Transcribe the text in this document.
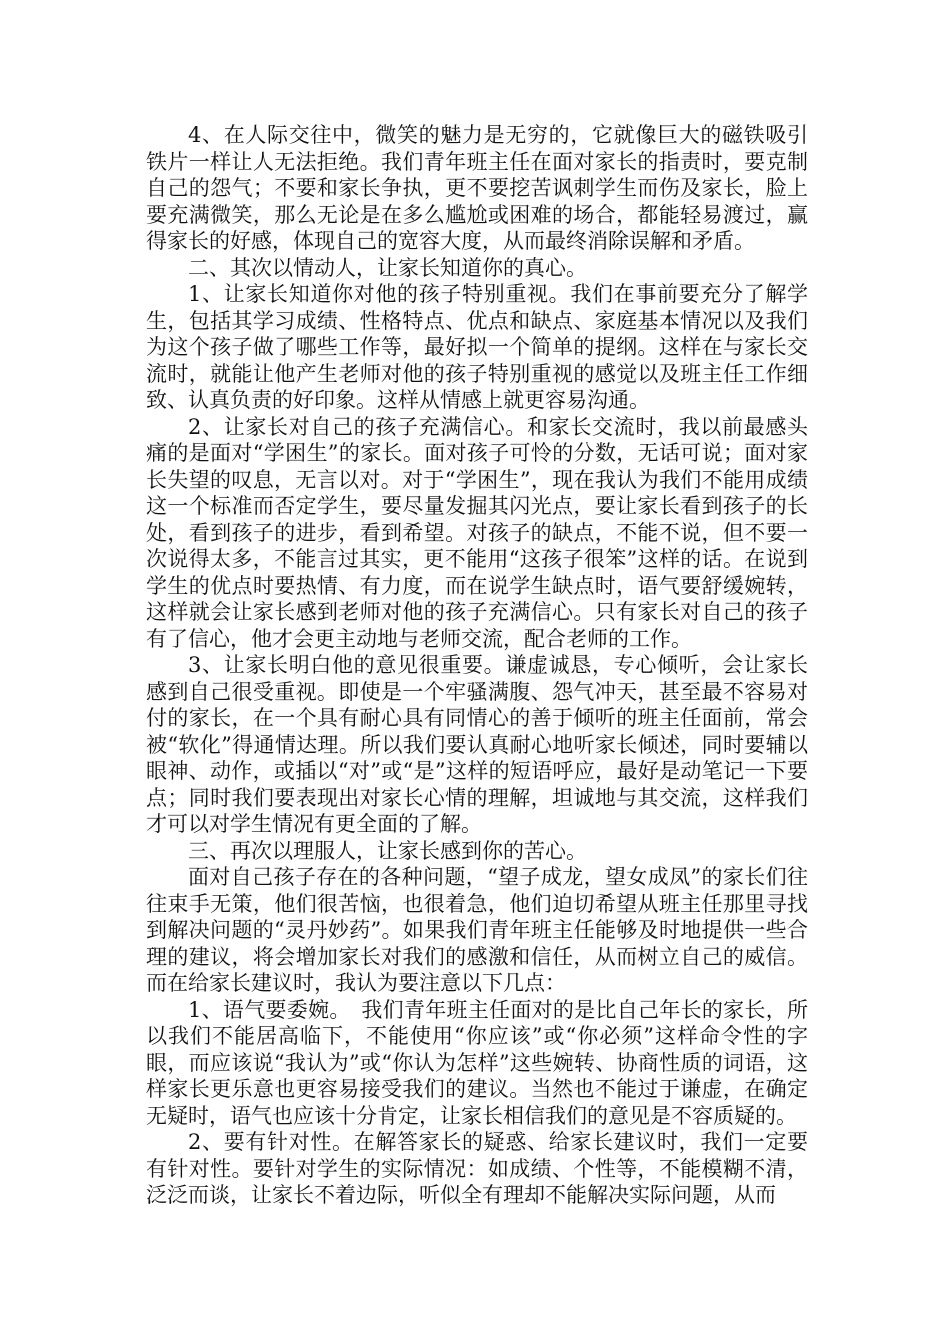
4、在人际交往中，微笑的魅力是无穷的，它就像巨大的磁铁吸引铁片一样让人无法拒绝。我们青年班主任在面对家长的指责时，要克制自己的怨气；不要和家长争执，更不要挖苦讽刺学生而伤及家长，脸上要充满微笑，那么无论是在多么尴尬或困难的场合，都能轻易渡过，赢得家长的好感，体现自己的宽容大度，从而最终消除误解和矛盾。

二、其次以情动人，让家长知道你的真心。

1、让家长知道你对他的孩子特别重视。我们在事前要充分了解学生，包括其学习成绩、性格特点、优点和缺点、家庭基本情况以及我们为这个孩子做了哪些工作等，最好拟一个简单的提纲。这样在与家长交流时，就能让他产生老师对他的孩子特别重视的感觉以及班主任工作细致、认真负责的好印象。这样从情感上就更容易沟通。

2、让家长对自己的孩子充满信心。和家长交流时，我以前最感头痛的是面对“学困生”的家长。面对孩子可怜的分数，无话可说；面对家长失望的叹息，无言以对。对于“学困生”，现在我认为我们不能用成绩这一个标准而否定学生，要尽量发掘其闪光点，要让家长看到孩子的长处，看到孩子的进步，看到希望。对孩子的缺点，不能不说，但不要一次说得太多，不能言过其实，更不能用“这孩子很笨”这样的话。在说到学生的优点时要热情、有力度，而在说学生缺点时，语气要舒缓婉转，这样就会让家长感到老师对他的孩子充满信心。只有家长对自己的孩子有了信心，他才会更主动地与老师交流，配合老师的工作。

3、让家长明白他的意见很重要。谦虚诚恳，专心倾听，会让家长感到自己很受重视。即使是一个牢骚满腹、怨气冲天，甚至最不容易对付的家长，在一个具有耐心具有同情心的善于倾听的班主任面前，常会被“软化”得通情达理。所以我们要认真耐心地听家长倾述，同时要辅以眼神、动作，或插以“对”或“是”这样的短语呼应，最好是动笔记一下要点；同时我们要表现出对家长心情的理解，坦诚地与其交流，这样我们才可以对学生情况有更全面的了解。

三、再次以理服人，让家长感到你的苦心。

面对自己孩子存在的各种问题，“望子成龙，望女成凤”的家长们往往束手无策，他们很苦恼，也很着急，他们迫切希望从班主任那里寻找到解决问题的“灵丹妙药”。如果我们青年班主任能够及时地提供一些合理的建议，将会增加家长对我们的感激和信任，从而树立自己的威信。而在给家长建议时，我认为要注意以下几点：

1、语气要委婉。　我们青年班主任面对的是比自己年长的家长，所以我们不能居高临下，不能使用“你应该”或“你必须”这样命令性的字眼，而应该说“我认为”或“你认为怎样”这些婉转、协商性质的词语，这样家长更乐意也更容易接受我们的建议。当然也不能过于谦虚，在确定无疑时，语气也应该十分肯定，让家长相信我们的意见是不容质疑的。

2、要有针对性。在解答家长的疑惑、给家长建议时，我们一定要有针对性。要针对学生的实际情况：如成绩、个性等，不能模糊不清，泛泛而谈，让家长不着边际，听似全有理却不能解决实际问题，从而
